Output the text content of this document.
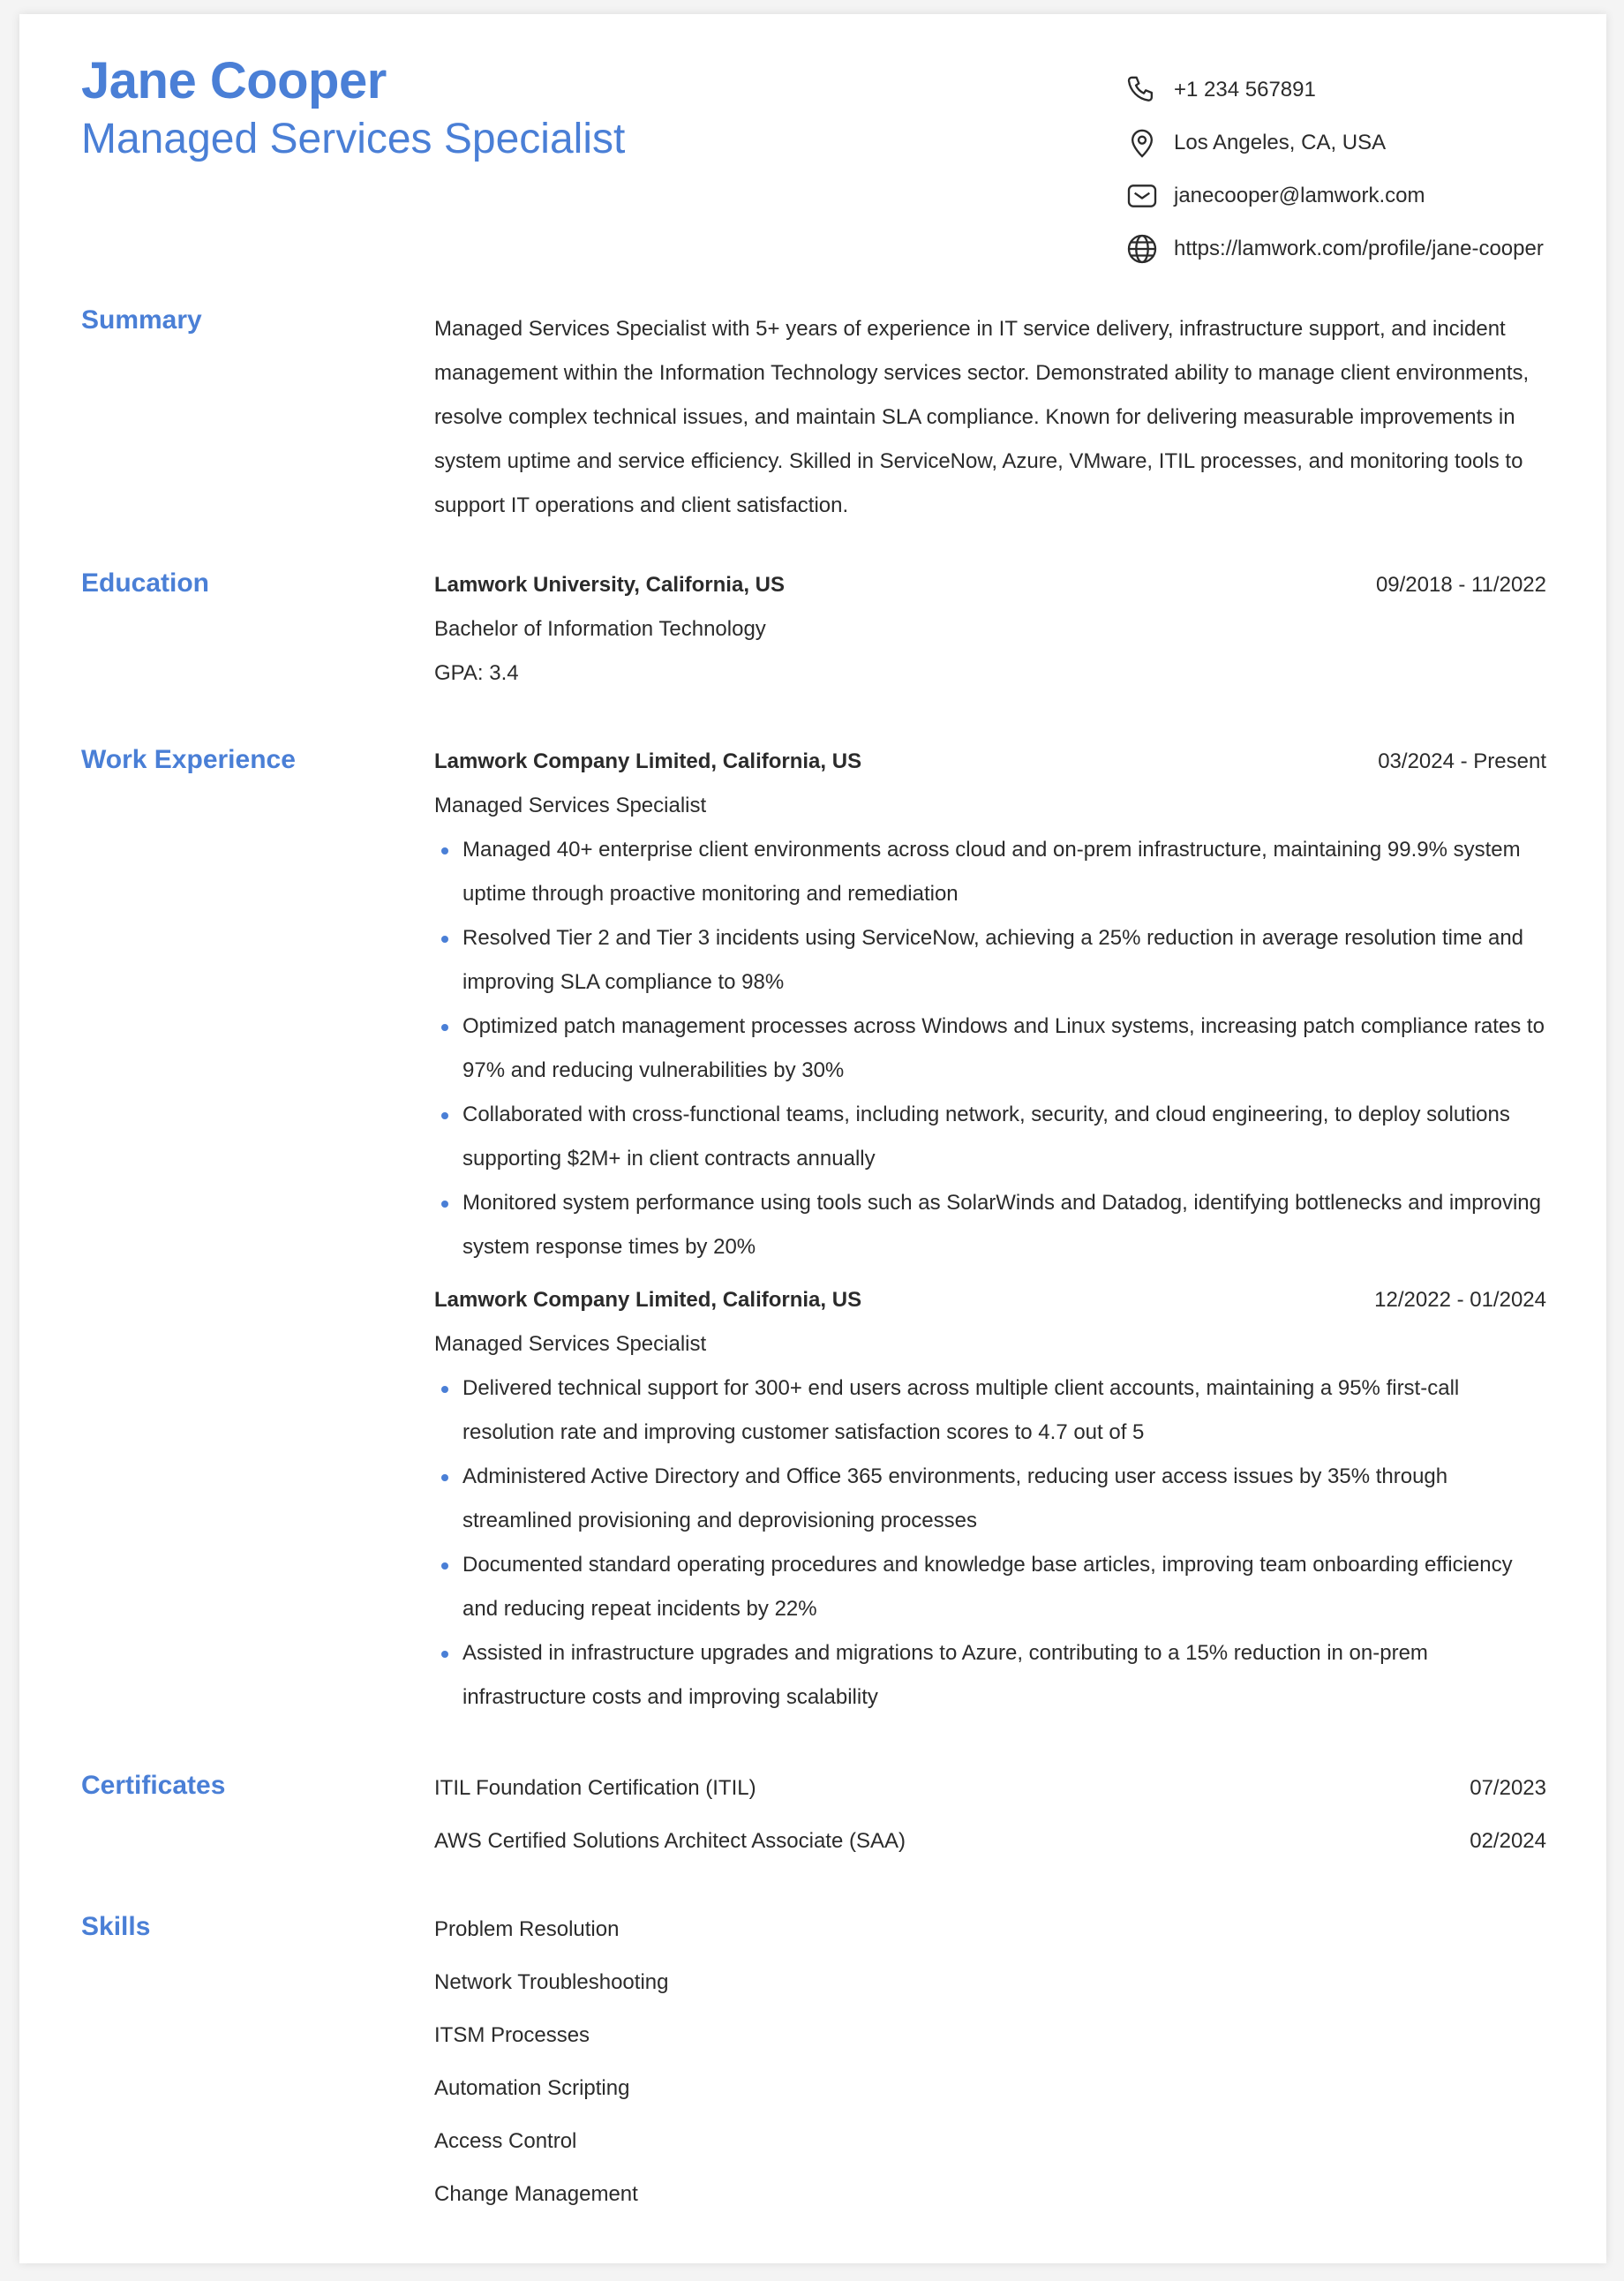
Jane Cooper
Managed Services Specialist
+1 234 567891
Los Angeles, CA, USA
janecooper@lamwork.com
https://lamwork.com/profile/jane-cooper
Summary	Managed Services Specialist with 5+ years of experience in IT service delivery, infrastructure support, and incident management within the Information Technology services sector. Demonstrated ability to manage client environments, resolve complex technical issues, and maintain SLA compliance. Known for delivering measurable improvements in system uptime and service efficiency. Skilled in ServiceNow, Azure, VMware, ITIL processes, and monitoring tools to support IT operations and client satisfaction.
Education	Lamwork University, California, US	09/2018 - 11/2022
Bachelor of Information Technology
GPA: 3.4
Work Experience	Lamwork Company Limited, California, US	03/2024 - Present
Managed Services Specialist
Managed 40+ enterprise client environments across cloud and on-prem infrastructure, maintaining 99.9% system uptime through proactive monitoring and remediation
Resolved Tier 2 and Tier 3 incidents using ServiceNow, achieving a 25% reduction in average resolution time and improving SLA compliance to 98%
Optimized patch management processes across Windows and Linux systems, increasing patch compliance rates to 97% and reducing vulnerabilities by 30%
Collaborated with cross-functional teams, including network, security, and cloud engineering, to deploy solutions supporting $2M+ in client contracts annually
Monitored system performance using tools such as SolarWinds and Datadog, identifying bottlenecks and improving system response times by 20%
Lamwork Company Limited, California, US	12/2022 - 01/2024
Managed Services Specialist
Delivered technical support for 300+ end users across multiple client accounts, maintaining a 95% first-call resolution rate and improving customer satisfaction scores to 4.7 out of 5
Administered Active Directory and Office 365 environments, reducing user access issues by 35% through streamlined provisioning and deprovisioning processes
Documented standard operating procedures and knowledge base articles, improving team onboarding efficiency and reducing repeat incidents by 22%
Assisted in infrastructure upgrades and migrations to Azure, contributing to a 15% reduction in on-prem infrastructure costs and improving scalability
Certificates	ITIL Foundation Certification (ITIL)	07/2023
AWS Certified Solutions Architect Associate (SAA)	02/2024
Skills	Problem Resolution
Network Troubleshooting
ITSM Processes
Automation Scripting
Access Control
Change Management
